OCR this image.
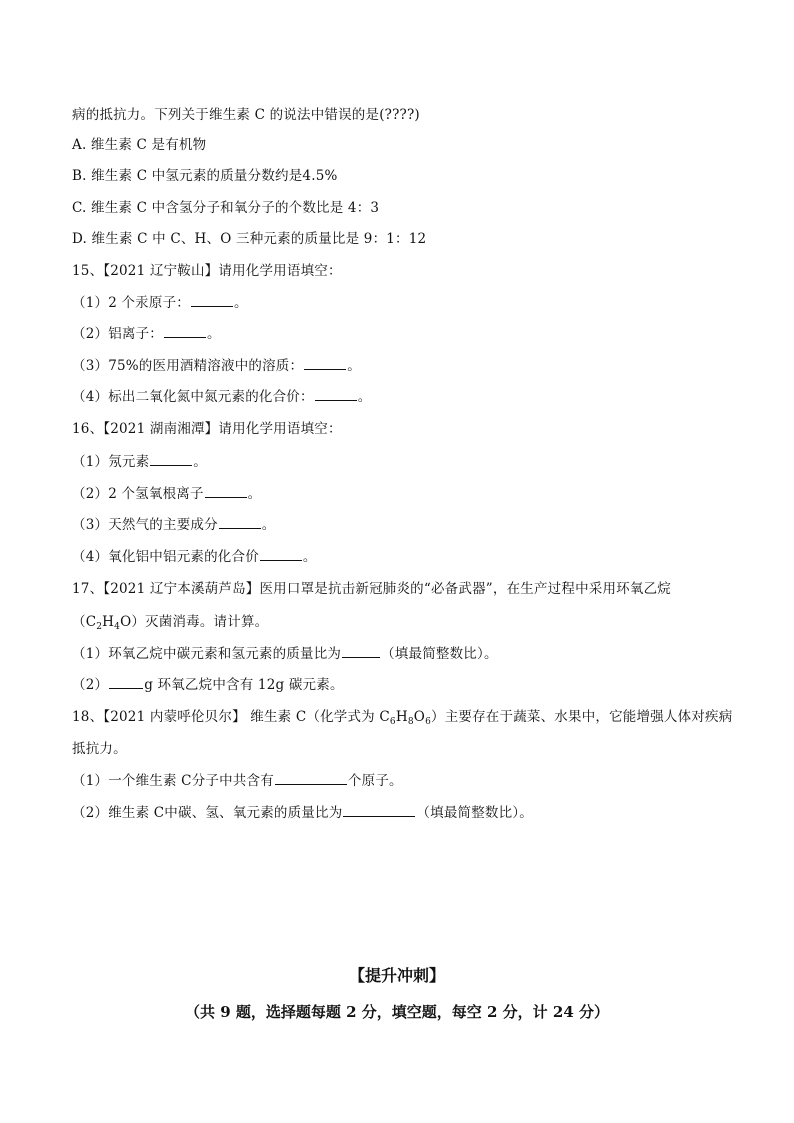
病的抵抗力。下列关于维生素 C 的说法中错误的是(????)
A. 维生素 C 是有机物
B. 维生素 C 中氢元素的质量分数约是4.5%
C. 维生素 C 中含氢分子和氧分子的个数比是 4：3
D. 维生素 C 中 C、H、O 三种元素的质量比是 9：1：12
15、【2021 辽宁鞍山】请用化学用语填空：
（1）2 个汞原子：	。
（2）铝离子：	。
（3）75%的医用酒精溶液中的溶质：	。
（4）标出二氧化氮中氮元素的化合价：	。
16、【2021 湖南湘潭】请用化学用语填空：
（1）氖元素	。
（2）2 个氢氧根离子	。
（3）天然气的主要成分	。
（4）氧化铝中铝元素的化合价	。
17、【2021 辽宁本溪葫芦岛】医用口罩是抗击新冠肺炎的“必备武器”，在生产过程中采用环氧乙烷
$(C_2H_4O)$灭菌消毒。请计算。
（1）环氧乙烷中碳元素和氢元素的质量比为	（填最简整数比）。
（2）	g 环氧乙烷中含有 12g 碳元素。
18、【2021 内蒙呼伦贝尔】 维生素 C（化学式为 $C_6H_8O_6$）主要存在于蔬菜、水果中，它能增强人体对疾病
抵抗力。
（1）一个维生素 C分子中共含有	个原子。
（2）维生素 C中碳、氢、氧元素的质量比为	（填最简整数比）。
【提升冲刺】
（共 9 题，选择题每题 2 分，填空题，每空 2 分，计 24 分）
